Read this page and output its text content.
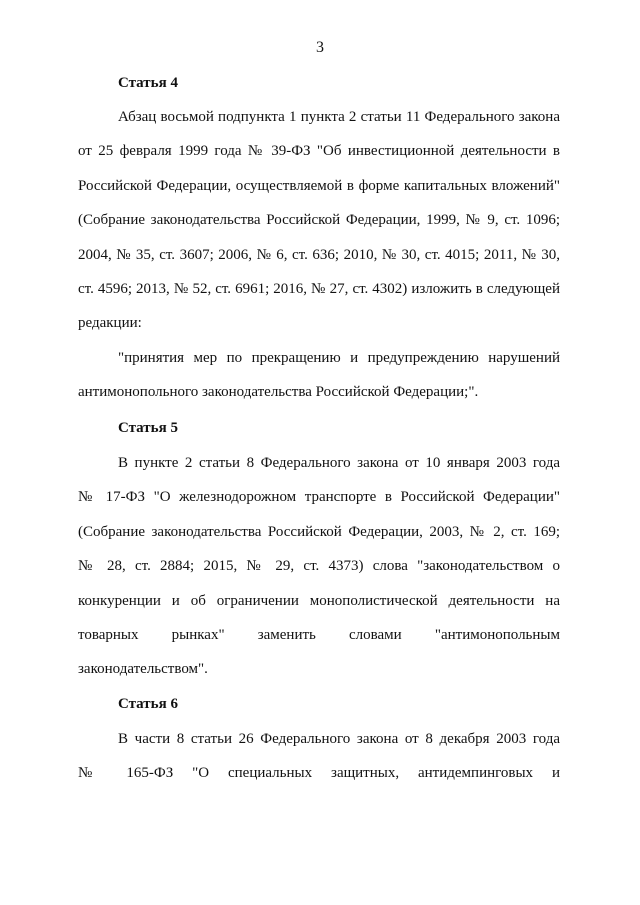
3
Статья 4
Абзац восьмой подпункта 1 пункта 2 статьи 11 Федерального закона
от 25 февраля 1999 года № 39-ФЗ "Об инвестиционной деятельности в
Российской Федерации, осуществляемой в форме капитальных вложений"
(Собрание законодательства Российской Федерации, 1999, № 9, ст. 1096;
2004, № 35, ст. 3607; 2006, № 6, ст. 636; 2010, № 30, ст. 4015; 2011, № 30,
ст. 4596; 2013, № 52, ст. 6961; 2016, № 27, ст. 4302) изложить в следующей
редакции:
"принятия мер по прекращению и предупреждению нарушений
антимонопольного законодательства Российской Федерации;".
Статья 5
В пункте 2 статьи 8 Федерального закона от 10 января 2003 года
№ 17-ФЗ "О железнодорожном транспорте в Российской Федерации"
(Собрание законодательства Российской Федерации, 2003, № 2, ст. 169;
№ 28, ст. 2884; 2015, № 29, ст. 4373) слова "законодательством о
конкуренции и об ограничении монополистической деятельности на
товарных рынках" заменить словами "антимонопольным
законодательством".
Статья 6
В части 8 статьи 26 Федерального закона от 8 декабря 2003 года
№ 165-ФЗ "О специальных защитных, антидемпинговых и
